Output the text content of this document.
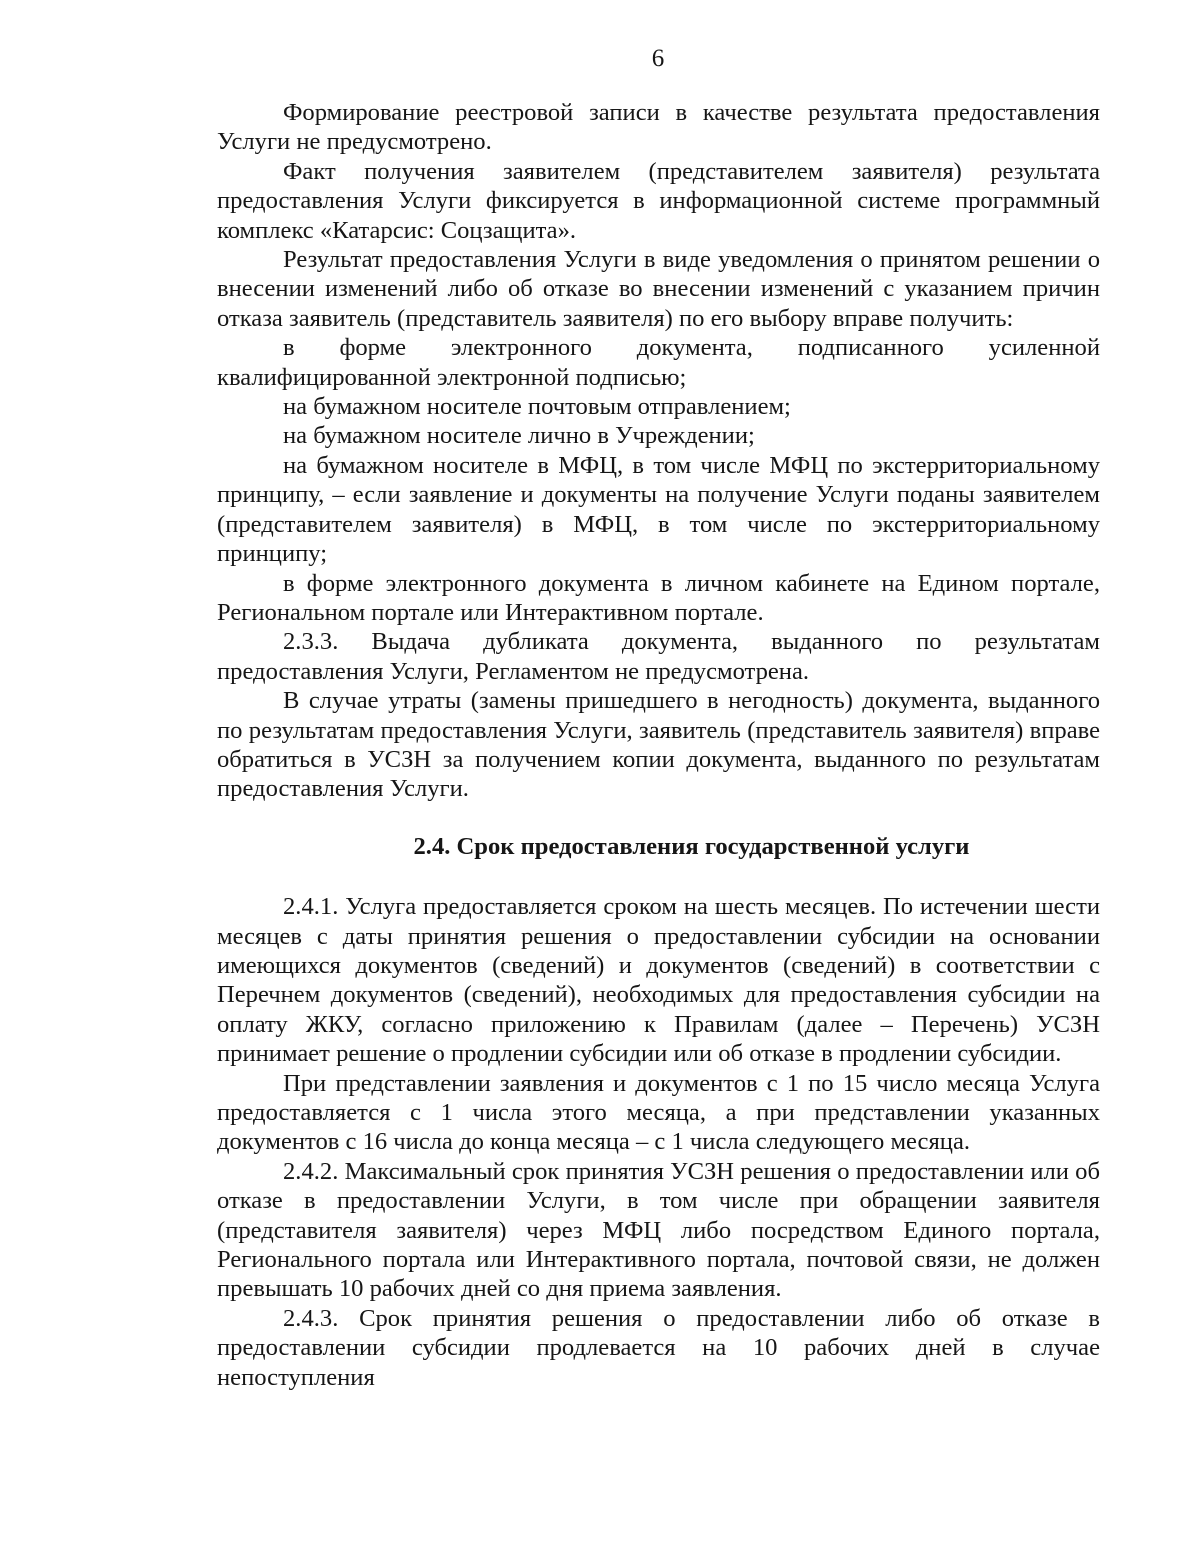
6

Формирование реестровой записи в качестве результата предоставления Услуги не предусмотрено.

Факт получения заявителем (представителем заявителя) результата предоставления Услуги фиксируется в информационной системе программный комплекс «Катарсис: Соцзащита».

Результат предоставления Услуги в виде уведомления о принятом решении о внесении изменений либо об отказе во внесении изменений с указанием причин отказа заявитель (представитель заявителя) по его выбору вправе получить:

в форме электронного документа, подписанного усиленной квалифицированной электронной подписью;

на бумажном носителе почтовым отправлением;

на бумажном носителе лично в Учреждении;

на бумажном носителе в МФЦ, в том числе МФЦ по экстерриториальному принципу, – если заявление и документы на получение Услуги поданы заявителем (представителем заявителя) в МФЦ, в том числе по экстерриториальному принципу;

в форме электронного документа в личном кабинете на Едином портале, Региональном портале или Интерактивном портале.

2.3.3. Выдача дубликата документа, выданного по результатам предоставления Услуги, Регламентом не предусмотрена.

В случае утраты (замены пришедшего в негодность) документа, выданного по результатам предоставления Услуги, заявитель (представитель заявителя) вправе обратиться в УСЗН за получением копии документа, выданного по результатам предоставления Услуги.

2.4. Срок предоставления государственной услуги

2.4.1. Услуга предоставляется сроком на шесть месяцев. По истечении шести месяцев с даты принятия решения о предоставлении субсидии на основании имеющихся документов (сведений) и документов (сведений) в соответствии с Перечнем документов (сведений), необходимых для предоставления субсидии на оплату ЖКУ, согласно приложению к Правилам (далее – Перечень) УСЗН принимает решение о продлении субсидии или об отказе в продлении субсидии.

При представлении заявления и документов с 1 по 15 число месяца Услуга предоставляется с 1 числа этого месяца, а при представлении указанных документов с 16 числа до конца месяца – с 1 числа следующего месяца.

2.4.2. Максимальный срок принятия УСЗН решения о предоставлении или об отказе в предоставлении Услуги, в том числе при обращении заявителя (представителя заявителя) через МФЦ либо посредством Единого портала, Регионального портала или Интерактивного портала, почтовой связи, не должен превышать 10 рабочих дней со дня приема заявления.

2.4.3. Срок принятия решения о предоставлении либо об отказе в предоставлении субсидии продлевается на 10 рабочих дней в случае непоступления
